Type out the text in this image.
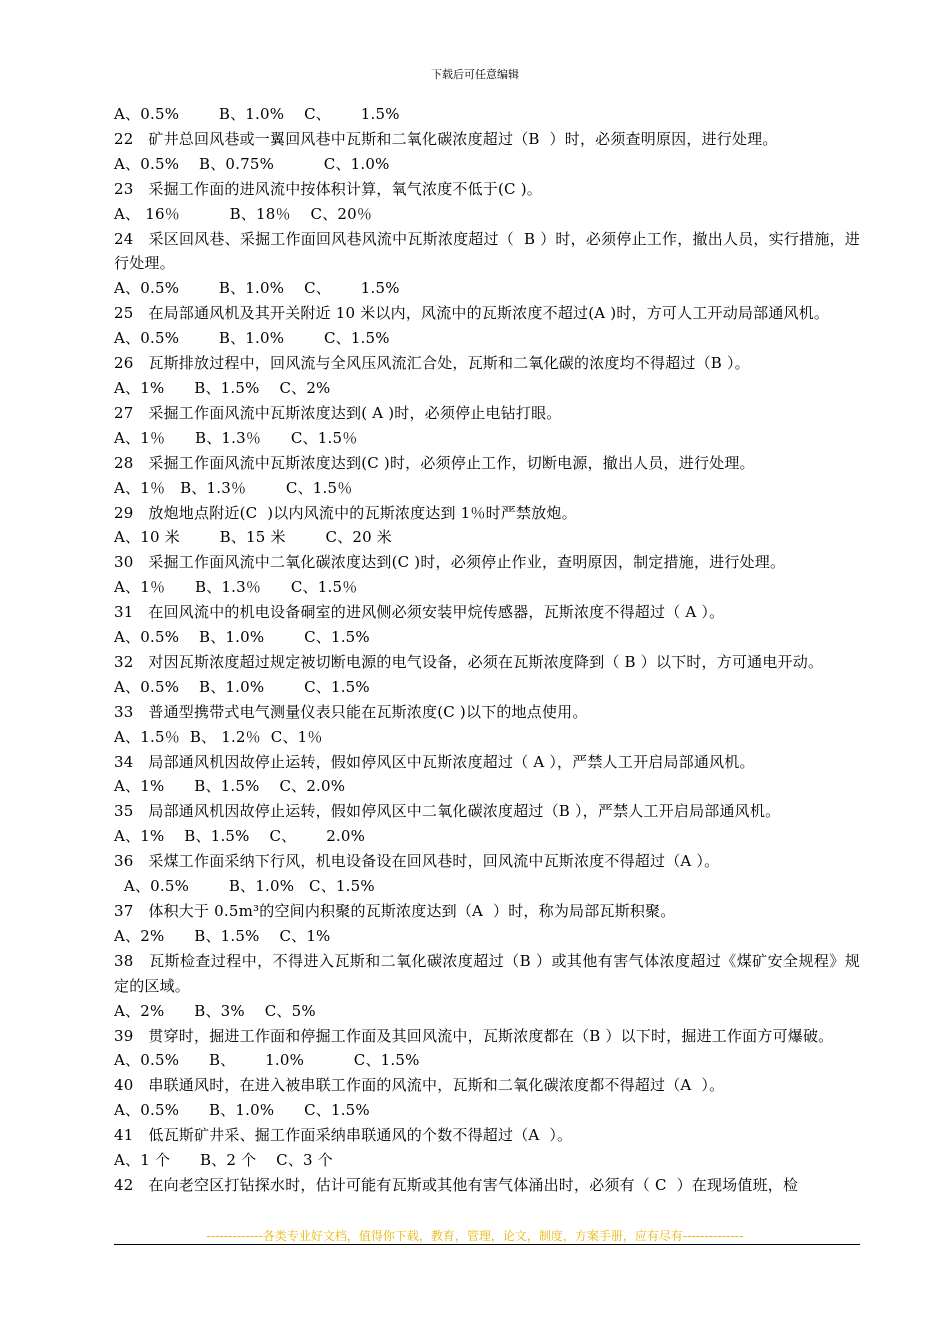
下载后可任意编辑
A、0.5%        B、1.0%    C、      1.5%
22   矿井总回风巷或一翼回风巷中瓦斯和二氧化碳浓度超过（B  ）时，必须查明原因，进行处理。
A、0.5%    B、0.75%          C、1.0%
23   采掘工作面的进风流中按体积计算，氧气浓度不低于(C )。
A、 16％          B、18％    C、20％
24   采区回风巷、采掘工作面回风巷风流中瓦斯浓度超过（  B ）时，必须停止工作，撤出人员，实行措施，进行处理。
A、0.5%        B、1.0%    C、      1.5%
25   在局部通风机及其开关附近 10 米以内，风流中的瓦斯浓度不超过(A )时，方可人工开动局部通风机。
A、0.5%        B、1.0%        C、1.5%
26   瓦斯排放过程中，回风流与全风压风流汇合处，瓦斯和二氧化碳的浓度均不得超过（B ）。
A、1%      B、1.5%    C、2%
27   采掘工作面风流中瓦斯浓度达到( A )时，必须停止电钻打眼。
A、1％      B、1.3％      C、1.5％
28   采掘工作面风流中瓦斯浓度达到(C )时，必须停止工作，切断电源，撤出人员，进行处理。
A、1％   B、1.3％        C、1.5％
29   放炮地点附近(C  )以内风流中的瓦斯浓度达到 1％时严禁放炮。
A、10 米        B、15 米        C、20 米
30   采掘工作面风流中二氧化碳浓度达到(C )时，必须停止作业，查明原因，制定措施，进行处理。
A、1％      B、1.3％      C、1.5％
31   在回风流中的机电设备硐室的进风侧必须安装甲烷传感器，瓦斯浓度不得超过（ A ）。
A、0.5%    B、1.0%        C、1.5%
32   对因瓦斯浓度超过规定被切断电源的电气设备，必须在瓦斯浓度降到（ B ）以下时，方可通电开动。
A、0.5%    B、1.0%        C、1.5%
33   普通型携带式电气测量仪表只能在瓦斯浓度(C )以下的地点使用。
A、1.5％  B、 1.2％  C、1％
34   局部通风机因故停止运转，假如停风区中瓦斯浓度超过（ A ），严禁人工开启局部通风机。
A、1%      B、1.5%    C、2.0%
35   局部通风机因故停止运转，假如停风区中二氧化碳浓度超过（B ），严禁人工开启局部通风机。
A、1%    B、1.5%    C、      2.0%
36   采煤工作面采纳下行风，机电设备设在回风巷时，回风流中瓦斯浓度不得超过（A ）。
A、0.5%        B、1.0%   C、1.5%
37   体积大于 0.5m³的空间内积聚的瓦斯浓度达到（A  ）时，称为局部瓦斯积聚。
A、2%      B、1.5%    C、1%
38   瓦斯检查过程中，不得进入瓦斯和二氧化碳浓度超过（B ）或其他有害气体浓度超过《煤矿安全规程》规定的区域。
A、2%      B、3%    C、5%
39   贯穿时，掘进工作面和停掘工作面及其回风流中，瓦斯浓度都在（B ）以下时，掘进工作面方可爆破。
A、0.5%      B、      1.0%          C、1.5%
40   串联通风时，在进入被串联工作面的风流中，瓦斯和二氧化碳浓度都不得超过（A  ）。
A、0.5%      B、1.0%      C、1.5%
41   低瓦斯矿井采、掘工作面采纳串联通风的个数不得超过（A  ）。
A、1 个      B、2 个    C、3 个
42   在向老空区打钻探水时，估计可能有瓦斯或其他有害气体涌出时，必须有（ C  ）在现场值班，检
-------------各类专业好文档，值得你下载，教育，管理，论文，制度，方案手册，应有尽有--------------
